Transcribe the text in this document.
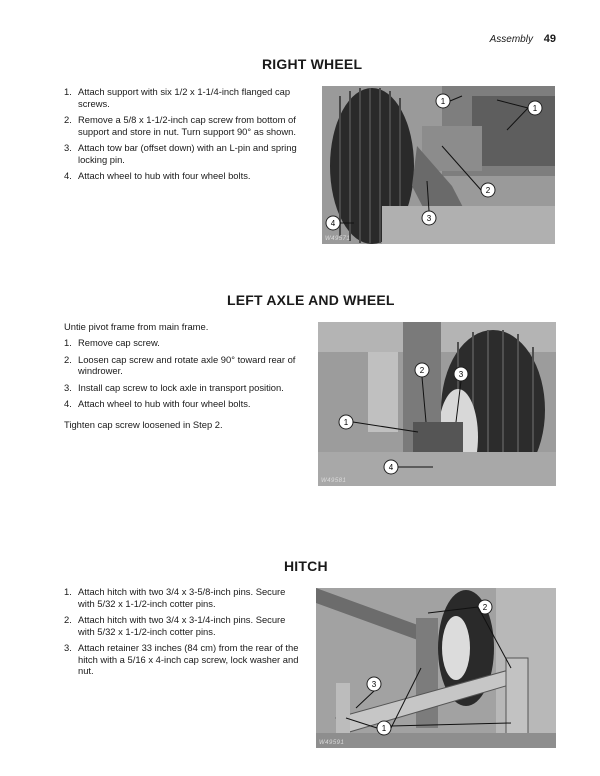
Assembly 49
RIGHT WHEEL
1. Attach support with six 1/2 x 1-1/4-inch flanged cap screws.
2. Remove a 5/8 x 1-1/2-inch cap screw from bottom of support and store in nut. Turn support 90° as shown.
3. Attach tow bar (offset down) with an L-pin and spring locking pin.
4. Attach wheel to hub with four wheel bolts.
1
1
2
3
4
W49571
LEFT AXLE AND WHEEL

Untie pivot frame from main frame.

1. Remove cap screw.
2. Loosen cap screw and rotate axle 90° toward rear of windrower.
3. Install cap screw to lock axle in transport position.
4. Attach wheel to hub with four wheel bolts.

Tighten cap screw loosened in Step 2.

2	3
1
4
W49581
HITCH
1. Attach hitch with two 3/4 x 3-5/8-inch pins. Secure with 5/32 x 1-1/2-inch cotter pins.
2. Attach hitch with two 3/4 x 3-1/4-inch pins. Secure with 5/32 x 1-1/2-inch cotter pins.
3. Attach retainer 33 inches (84 cm) from the rear of the hitch with a 5/16 x 4-inch cap screw, lock washer and nut.
2
3
1
W49591
